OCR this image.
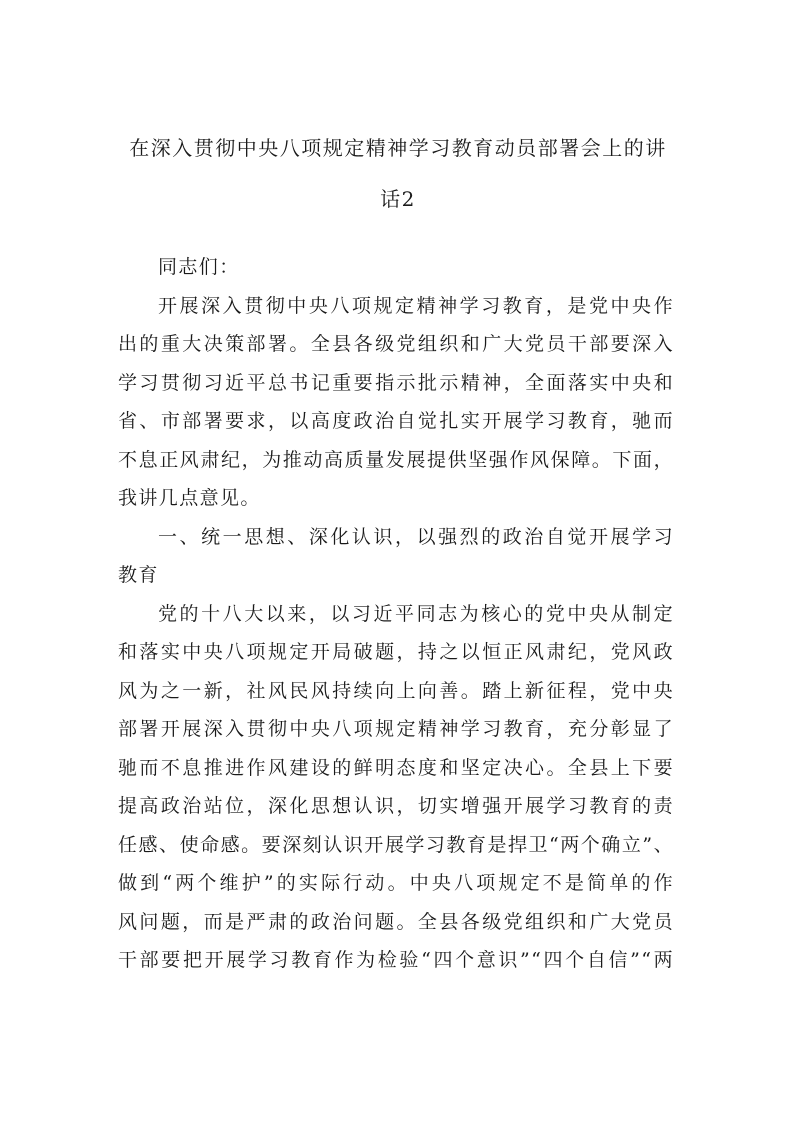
在深入贯彻中央八项规定精神学习教育动员部署会上的讲
话2
同志们：
开展深入贯彻中央八项规定精神学习教育，是党中央作
出的重大决策部署。全县各级党组织和广大党员干部要深入
学习贯彻习近平总书记重要指示批示精神，全面落实中央和
省、市部署要求，以高度政治自觉扎实开展学习教育，驰而
不息正风肃纪，为推动高质量发展提供坚强作风保障。下面，
我讲几点意见。
一、统一思想、深化认识，以强烈的政治自觉开展学习
教育
党的十八大以来，以习近平同志为核心的党中央从制定
和落实中央八项规定开局破题，持之以恒正风肃纪，党风政
风为之一新，社风民风持续向上向善。踏上新征程，党中央
部署开展深入贯彻中央八项规定精神学习教育，充分彰显了
驰而不息推进作风建设的鲜明态度和坚定决心。全县上下要
提高政治站位，深化思想认识，切实增强开展学习教育的责
任感、使命感。要深刻认识开展学习教育是捍卫“两个确立”、
做到“两个维护”的实际行动。中央八项规定不是简单的作
风问题，而是严肃的政治问题。全县各级党组织和广大党员
干部要把开展学习教育作为检验“四个意识”“四个自信”“两
